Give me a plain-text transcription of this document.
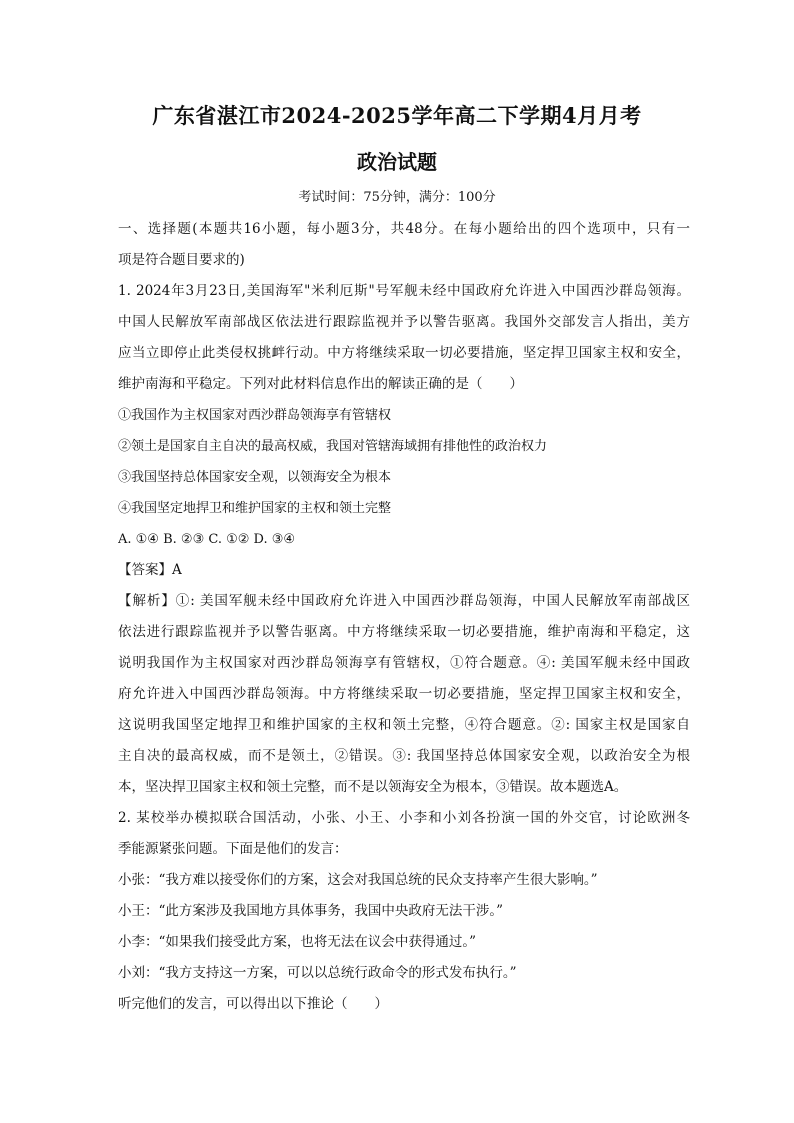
广东省湛江市2024-2025学年高二下学期4月月考
政治试题
考试时间：75分钟，满分：100分
一、选择题(本题共16小题，每小题3分，共48分。在每小题给出的四个选项中，只有一
项是符合题目要求的)
1. 2024年3月23日,美国海军"米利厄斯"号军舰未经中国政府允许进入中国西沙群岛领海。
中国人民解放军南部战区依法进行跟踪监视并予以警告驱离。我国外交部发言人指出，美方
应当立即停止此类侵权挑衅行动。中方将继续采取一切必要措施，坚定捍卫国家主权和安全，
维护南海和平稳定。下列对此材料信息作出的解读正确的是（　　）
①我国作为主权国家对西沙群岛领海享有管辖权
②领土是国家自主自决的最高权威，我国对管辖海域拥有排他性的政治权力
③我国坚持总体国家安全观，以领海安全为根本
④我国坚定地捍卫和维护国家的主权和领土完整
A. ①④ B. ②③ C. ①② D. ③④
【答案】A
【解析】①: 美国军舰未经中国政府允许进入中国西沙群岛领海，中国人民解放军南部战区
依法进行跟踪监视并予以警告驱离。中方将继续采取一切必要措施，维护南海和平稳定，这
说明我国作为主权国家对西沙群岛领海享有管辖权，①符合题意。④: 美国军舰未经中国政
府允许进入中国西沙群岛领海。中方将继续采取一切必要措施，坚定捍卫国家主权和安全，
这说明我国坚定地捍卫和维护国家的主权和领土完整，④符合题意。②: 国家主权是国家自
主自决的最高权威，而不是领土，②错误。③: 我国坚持总体国家安全观，以政治安全为根
本，坚决捍卫国家主权和领土完整，而不是以领海安全为根本，③错误。故本题选A。
2. 某校举办模拟联合国活动，小张、小王、小李和小刘各扮演一国的外交官，讨论欧洲冬
季能源紧张问题。下面是他们的发言：
小张：“我方难以接受你们的方案，这会对我国总统的民众支持率产生很大影响。”
小王：“此方案涉及我国地方具体事务，我国中央政府无法干涉。”
小李：“如果我们接受此方案，也将无法在议会中获得通过。”
小刘：“我方支持这一方案，可以以总统行政命令的形式发布执行。”
听完他们的发言，可以得出以下推论（　　）
